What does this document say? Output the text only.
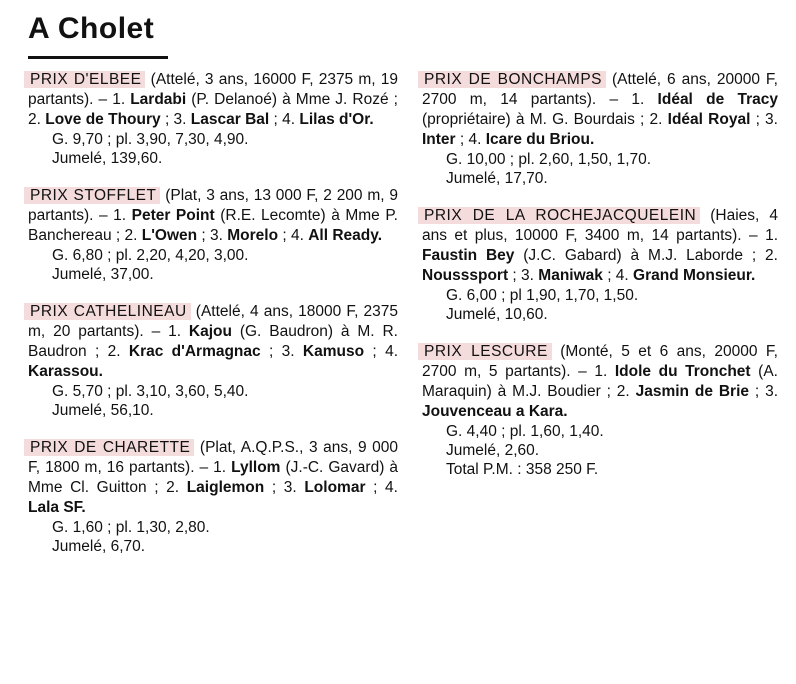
A Cholet

PRIX D'ELBEE (Attelé, 3 ans, 16000 F, 2375 m, 19 partants). – 1. Lardabi (P. Delanoé) à Mme J. Rozé ; 2. Love de Thoury ; 3. Lascar Bal ; 4. Lilas d'Or.

G. 9,70 ; pl. 3,90, 7,30, 4,90.
Jumelé, 139,60.

PRIX STOFFLET (Plat, 3 ans, 13 000 F, 2 200 m, 9 partants). – 1. Peter Point (R.E. Lecomte) à Mme P. Banchereau ; 2. L'Owen ; 3. Morelo ; 4. All Ready.

G. 6,80 ; pl. 2,20, 4,20, 3,00.
Jumelé, 37,00.

PRIX CATHELINEAU (Attelé, 4 ans, 18000 F, 2375 m, 20 partants). – 1. Kajou (G. Baudron) à M. R. Baudron ; 2. Krac d'Armagnac ; 3. Kamuso ; 4. Karassou.

G. 5,70 ; pl. 3,10, 3,60, 5,40.
Jumelé, 56,10.

PRIX DE CHARETTE (Plat, A.Q.P.S., 3 ans, 9 000 F, 1800 m, 16 partants). – 1. Lyllom (J.-C. Gavard) à Mme Cl. Guitton ; 2. Laiglemon ; 3. Lolomar ; 4. Lala SF.

G. 1,60 ; pl. 1,30, 2,80.
Jumelé, 6,70.

PRIX DE BONCHAMPS (Attelé, 6 ans, 20000 F, 2700 m, 14 partants). – 1. Idéal de Tracy (propriétaire) à M. G. Bourdais ; 2. Idéal Royal ; 3. Inter ; 4. Icare du Briou.

G. 10,00 ; pl. 2,60, 1,50, 1,70.
Jumelé, 17,70.

PRIX DE LA ROCHEJACQUELEIN (Haies, 4 ans et plus, 10000 F, 3400 m, 14 partants). – 1. Faustin Bey (J.C. Gabard) à M.J. Laborde ; 2. Nousssport ; 3. Maniwak ; 4. Grand Monsieur.

G. 6,00 ; pl 1,90, 1,70, 1,50.
Jumelé, 10,60.

PRIX LESCURE (Monté, 5 et 6 ans, 20000 F, 2700 m, 5 partants). – 1. Idole du Tronchet (A. Maraquin) à M.J. Boudier ; 2. Jasmin de Brie ; 3. Jouvenceau a Kara.

G. 4,40 ; pl. 1,60, 1,40.
Jumelé, 2,60.
Total P.M. : 358 250 F.
